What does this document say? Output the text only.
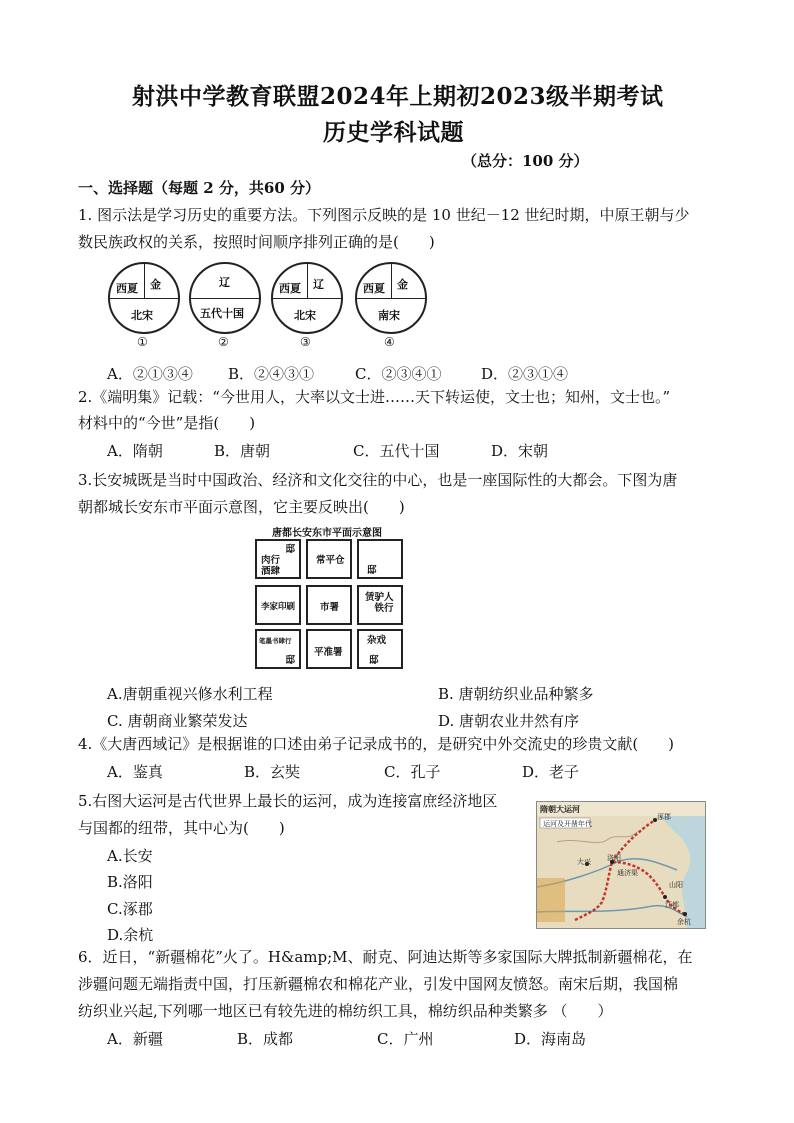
射洪中学教育联盟2024年上期初2023级半期考试
历史学科试题
（总分：100 分）
一、选择题（每题 2 分，共60 分）
1. 图示法是学习历史的重要方法。下列图示反映的是 10 世纪－12 世纪时期，中原王朝与少
数民族政权的关系，按照时间顺序排列正确的是(　　)
西夏 金
北宋
①
辽
五代十国
②
西夏 辽
北宋
③
西夏 金
南宋
④
A．②①③④ B．②④③①	C．②③④①	D．②③①④
2.《端明集》记载：“今世用人，大率以文士进……天下转运使，文士也；知州，文士也。”
材料中的“今世”是指(　　)
A．隋朝	B．唐朝	C．五代十国	D．宋朝
3.长安城既是当时中国政治、经济和文化交往的中心，也是一座国际性的大都会。下图为唐
朝都城长安东市平面示意图，它主要反映出(　　)
唐都长安东市平面示意图
邸
肉行
酒肆
常平仓
邸
李家印刷	市署
赁驴人
铁行
笔墨书肆行
邸
平准署
杂戏
邸
A.唐朝重视兴修水利工程	B. 唐朝纺织业品种繁多
C. 唐朝商业繁荣发达	D. 唐朝农业井然有序
4.《大唐西域记》是根据谁的口述由弟子记录成书的，是研究中外交流史的珍贵文献(　　)
A．鉴真	B．玄奘	C．孔子	D．老子
5.右图大运河是古代世界上最长的运河，成为连接富庶经济地区
与国都的纽带，其中心为(　　)
A.长安
B.洛阳
C.涿郡
D.余杭
隋朝大运河
运河及开凿年代
涿郡
大兴 洛阳
通济渠
山阳
江都
余杭
6．近日，“新疆棉花”火了。H&amp;M、耐克、阿迪达斯等多家国际大牌抵制新疆棉花，在
涉疆问题无端指责中国，打压新疆棉农和棉花产业，引发中国网友愤怒。南宋后期，我国棉
纺织业兴起,下列哪一地区已有较先进的棉纺织工具，棉纺织品种类繁多 （　　）
A．新疆	B．成都	C．广州	D．海南岛
